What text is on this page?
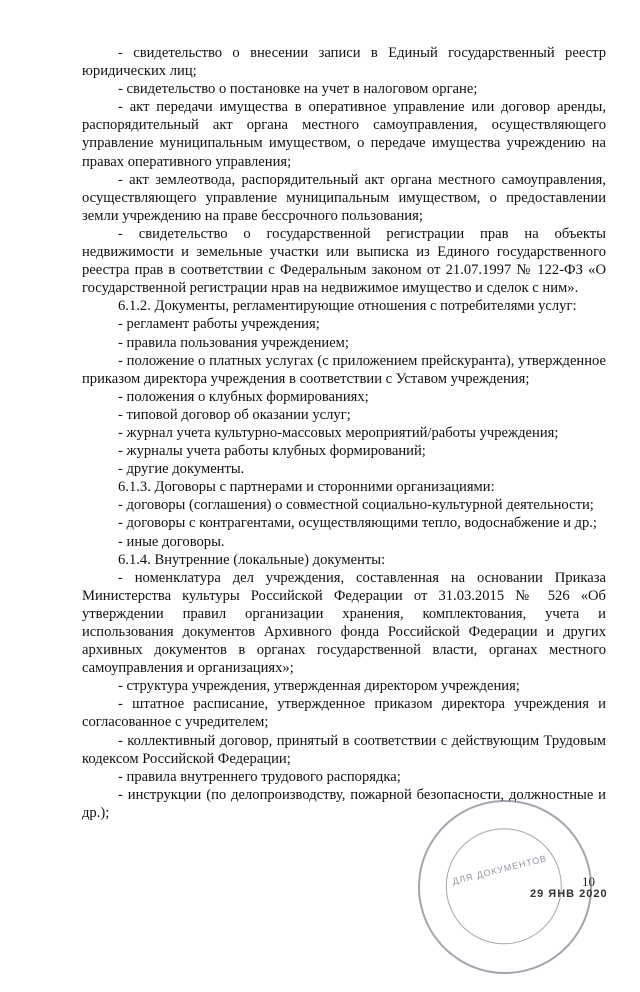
- свидетельство о внесении записи в Единый государственный реестр юридических лиц;

- свидетельство о постановке на учет в налоговом органе;

- акт передачи имущества в оперативное управление или договор аренды, распорядительный акт органа местного самоуправления, осуществляющего управление муниципальным имуществом, о передаче имущества учреждению на правах оперативного управления;

- акт землеотвода, распорядительный акт органа местного самоуправления, осуществляющего управление муниципальным имуществом, о предоставлении земли учреждению на праве бессрочного пользования;

- свидетельство о государственной регистрации прав на объекты недвижимости и земельные участки или выписка из Единого государственного реестра прав в соответствии с Федеральным законом от 21.07.1997 № 122-ФЗ «О государственной регистрации нрав на недвижимое имущество и сделок с ним».

6.1.2. Документы, регламентирующие отношения с потребителями услуг:

- регламент работы учреждения;

- правила пользования учреждением;

- положение о платных услугах (с приложением прейскуранта), утвержденное приказом директора учреждения в соответствии с Уставом учреждения;

- положения о клубных формированиях;

- типовой договор об оказании услуг;

- журнал учета культурно-массовых мероприятий/работы учреждения;

- журналы учета работы клубных формирований;

- другие документы.

6.1.3. Договоры с партнерами и сторонними организациями:

- договоры (соглашения) о совместной социально-культурной деятельности;

- договоры с контрагентами, осуществляющими тепло, водоснабжение и др.;

- иные договоры.

6.1.4. Внутренние (локальные) документы:

- номенклатура дел учреждения, составленная на основании Приказа Министерства культуры Российской Федерации от 31.03.2015 № 526 «Об утверждении правил организации хранения, комплектования, учета и использования документов Архивного фонда Российской Федерации и других архивных документов в органах государственной власти, органах местного самоуправления и организациях»;

- структура учреждения, утвержденная директором учреждения;

- штатное расписание, утвержденное приказом директора учреждения и согласованное с учредителем;

- коллективный договор, принятый в соответствии с действующим Трудовым кодексом Российской Федерации;

- правила внутреннего трудового распорядка;

- инструкции (по делопроизводству, пожарной безопасности, должностные и др.);

ДЛЯ ДОКУМЕНТОВ
29 ЯНВ 2020
10
